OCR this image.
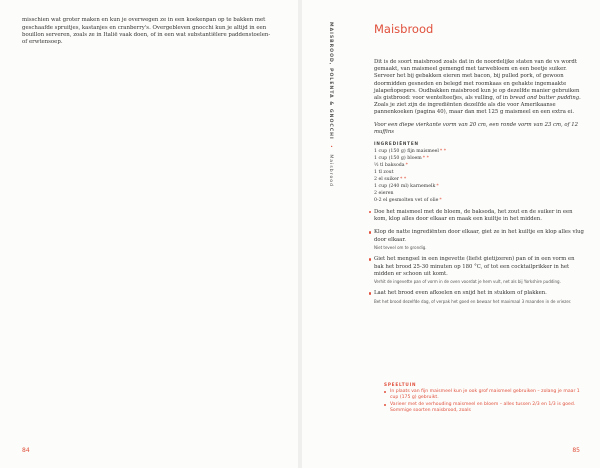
misschien wat groter maken en kun je overwegen ze in een koekenpan op te bakken met geschaafde spruitjes, kastanjes en cranberry's. Overgebleven gnocchi kun je altijd in een bouillon serveren, zoals ze in Italië vaak doen, of in een wat substantiëlere paddenstoelen- of erwtensoep.

84	85
MAISBROOD, POLENTA & GNOCCHI • Maisbrood
Maisbrood

Dit is de soort maisbrood zoals dat in de noordelijke staten van de vs wordt gemaakt, van maismeel gemengd met tarwebloem en een beetje suiker. Serveer het bij gebakken eieren met bacon, bij pulled pork, of gewoon doormidden gesneden en belegd met roomkaas en gehakte ingemaakte jalapeñopepers. Oudbakken maisbrood kun je op dezelfde manier gebruiken als gistbrood: voor wentelteefjes, als vulling, of in bread and butter pudding. Zoals je ziet zijn de ingrediënten dezelfde als die voor Amerikaanse pannenkoeken (pagina 40), maar dan met 125 g maismeel en een extra ei.

Voor een diepe vierkante vorm van 20 cm, een ronde vorm van 23 cm, of 12 muffins

INGREDIËNTEN
1 cup (150 g) fijn maismeel* *
1 cup (150 g) bloem* *
½ tl baksoda*
1 tl zout
2 el suiker* *
1 cup (240 ml) karnemelk*
2 eieren
0-2 el gesmolten vet of olie*
Doe het maismeel met de bloem, de baksoda, het zout en de suiker in een kom, klop alles door elkaar en maak een kuiltje in het midden.
Klop de natte ingrediënten door elkaar, giet ze in het kuiltje en klop alles vlug door elkaar.
Niet teveel om te grondig.
Giet het mengsel in een ingevette (liefst gietijzeren) pan of in een vorm en bak het brood 25-30 minuten op 180 °C, of tot een cocktailprikker in het midden er schoon uit komt.
Verhit de ingevette pan of vorm in de oven voordat je hem vult, net als bij Yorkshire pudding.
Laat het brood even afkoelen en snijd het in stukken of plakken.
Bet het brood dezelfde dag, of verpak het goed en bewaar het maximaal 3 maanden in de vriezer.
SPEELTUIN
In plaats van fijn maismeel kun je ook grof maismeel gebruiken – zolang je maar 1 cup (175 g) gebruikt.
Varieer met de verhouding maismeel en bloem – alles tussen 2/3 en 1/3 is goed. Sommige soorten maisbrood, zoals
